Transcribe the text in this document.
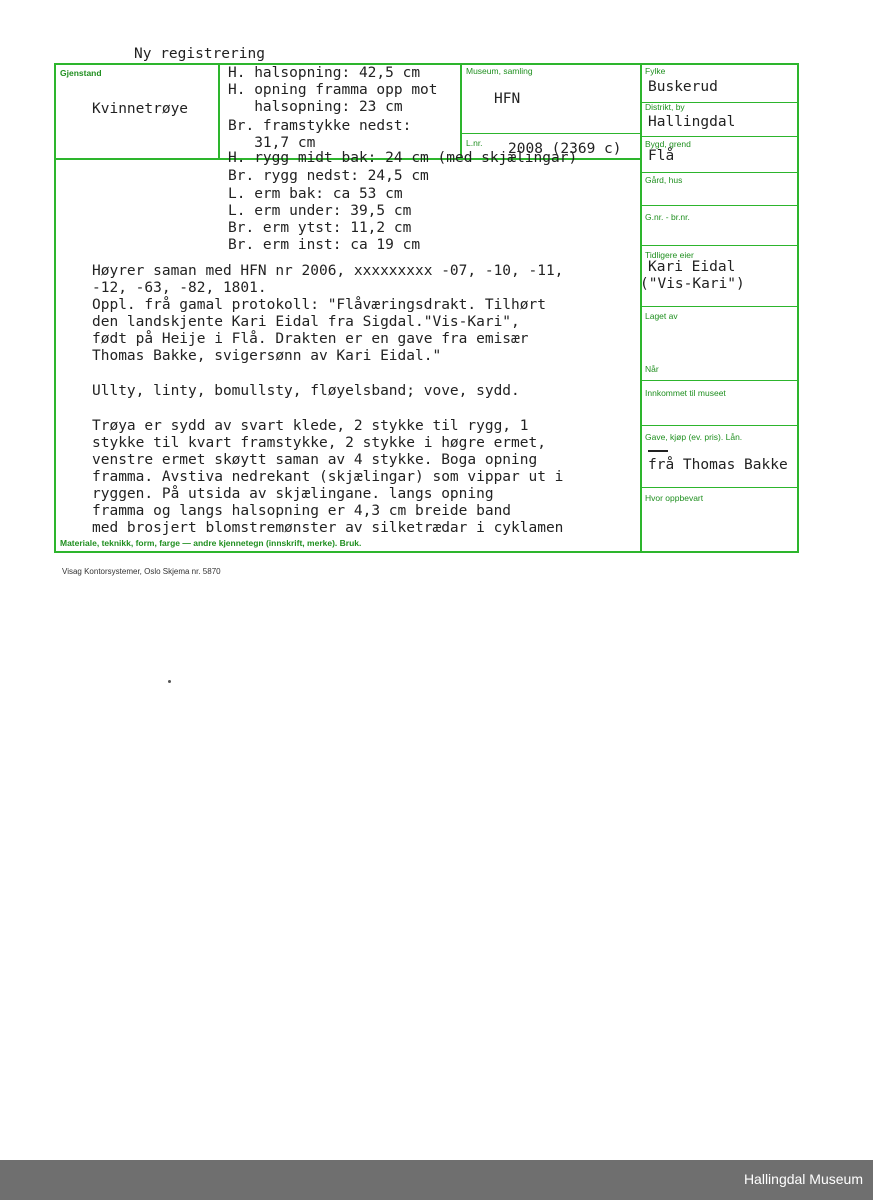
Gjenstand	Museum, samling
L.nr.
Fylke
Distrikt, by
Bygd, grend
Gård, hus
G.nr. - br.nr.
Tidligere eier
Laget av
Når
Innkommet til museet
Gave, kjøp (ev. pris). Lån.
Hvor oppbevart
Materiale, teknikk, form, farge — andre kjennetegn (innskrift, merke). Bruk.
Ny registrering
Kvinnetrøye
HFN
2008 (2369 c)
Buskerud
Hallingdal
Flå
Kari Eidal
("Vis-Kari")
frå Thomas Bakke
H. halsopning: 42,5 cm
H. opning framma opp mot
halsopning: 23 cm
Br. framstykke nedst:
31,7 cm
H. rygg midt bak: 24 cm (med skjælingar)
Br. rygg nedst: 24,5 cm
L. erm bak: ca 53 cm
L. erm under: 39,5 cm
Br. erm ytst: 11,2 cm
Br. erm inst: ca 19 cm
Høyrer saman med HFN nr 2006, xxxxxxxxx -07, -10, -11,
-12, -63, -82, 1801.
Oppl. frå gamal protokoll: "Flåværingsdrakt. Tilhørt
den landskjente Kari Eidal fra Sigdal."Vis-Kari",
født på Heije i Flå. Drakten er en gave fra emisær
Thomas Bakke, svigersønn av Kari Eidal."
Ullty, linty, bomullsty, fløyelsband; vove, sydd.
Trøya er sydd av svart klede, 2 stykke til rygg, 1
stykke til kvart framstykke, 2 stykke i høgre ermet,
venstre ermet skøytt saman av 4 stykke. Boga opning
framma. Avstiva nedrekant (skjælingar) som vippar ut i
ryggen. På utsida av skjælingane. langs opning
framma og langs halsopning er 4,3 cm breide band
med brosjert blomstremønster av silketrædar i cyklamen
Visag Kontorsystemer, Oslo Skjema nr. 5870
Hallingdal Museum
